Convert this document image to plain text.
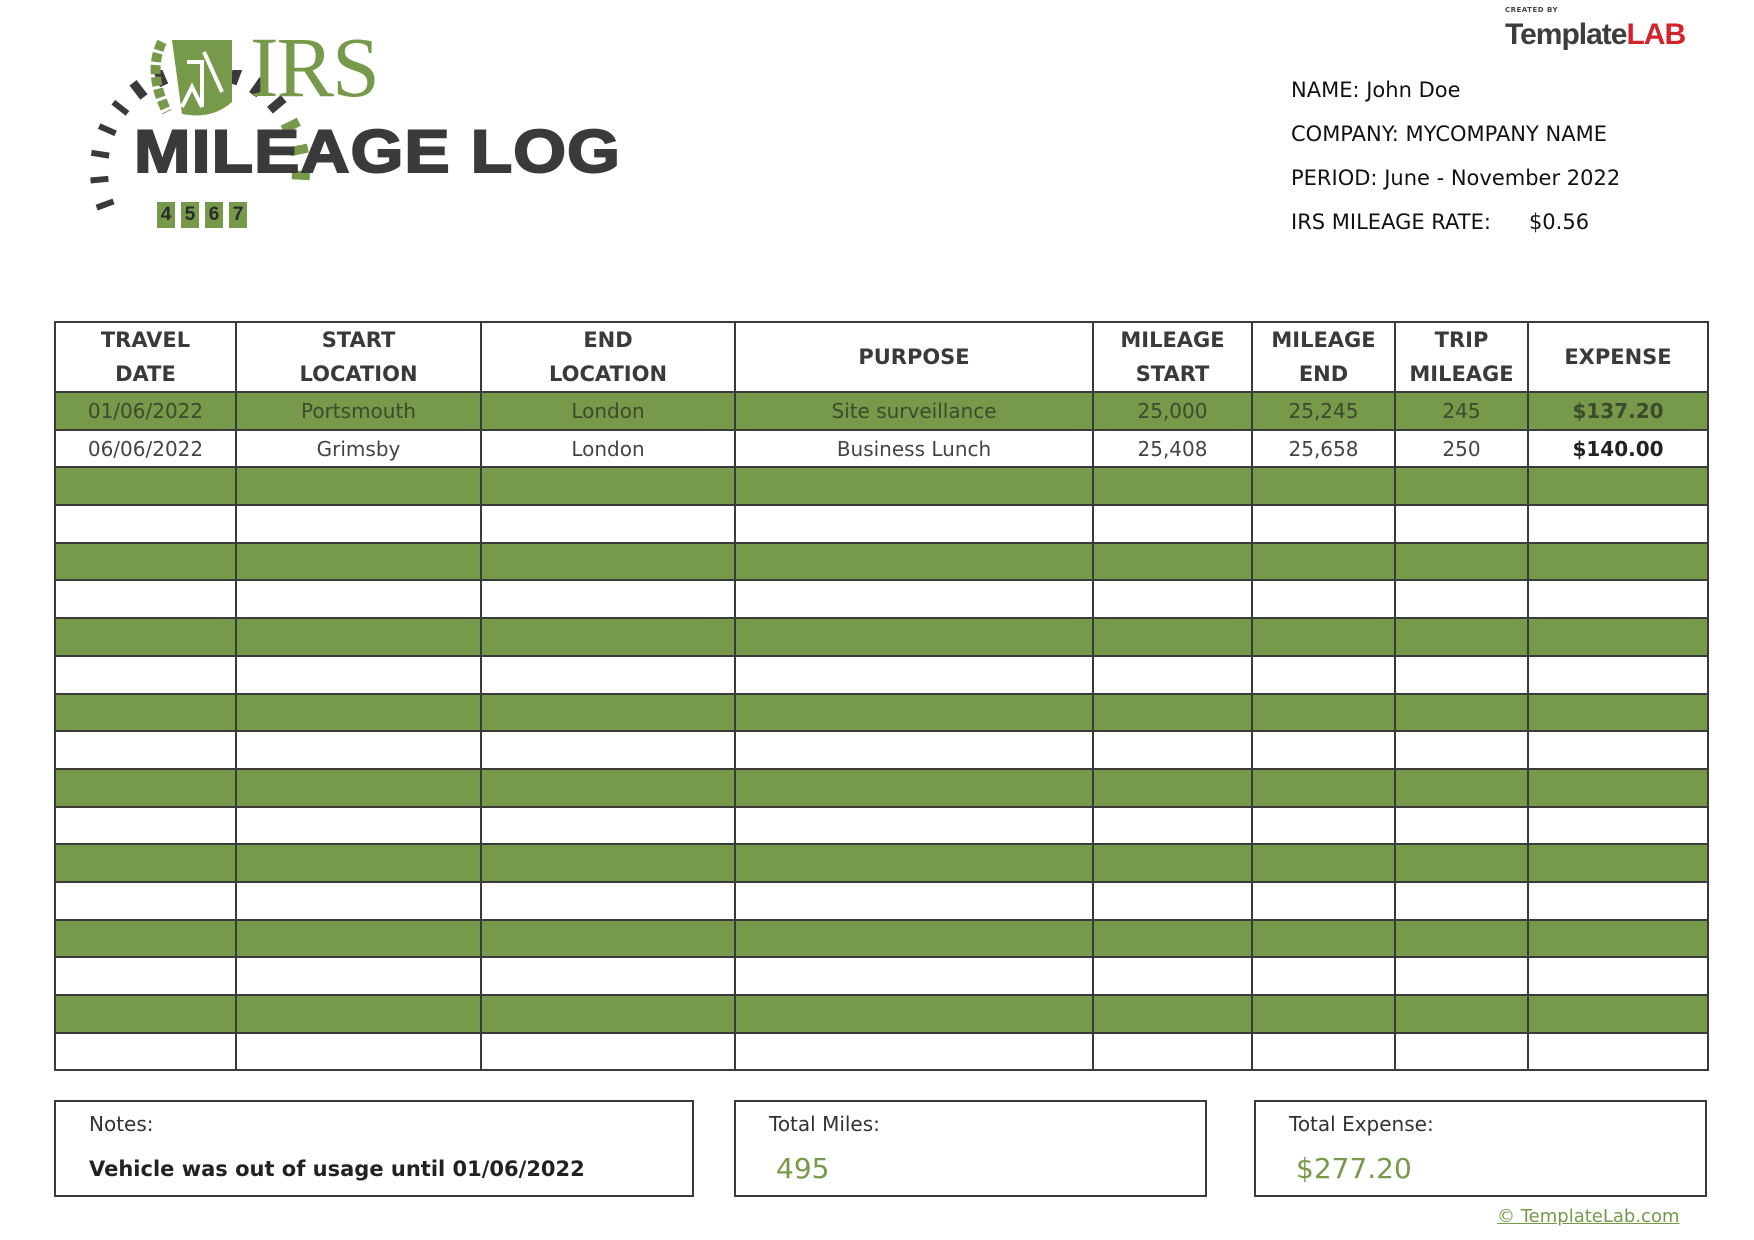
IRS
MILEAGE LOG
4 5 6 7
CREATED BY
TemplateLAB
NAME: John Doe
COMPANY: MYCOMPANY NAME
PERIOD: June - November 2022
IRS MILEAGE RATE: $0.56
TRAVEL
DATE

START
LOCATION

END
LOCATION

PURPOSE

MILEAGE
START

MILEAGE
END

TRIP
MILEAGE

EXPENSE

01/06/2022	Portsmouth	London	Site surveillance	25,000	25,245	245	$137.20
06/06/2022	Grimsby	London	Business Lunch	25,408	25,658	250	$140.00

Notes:
Vehicle was out of usage until 01/06/2022
Total Miles:
495
Total Expense:
$277.20
© TemplateLab.com
